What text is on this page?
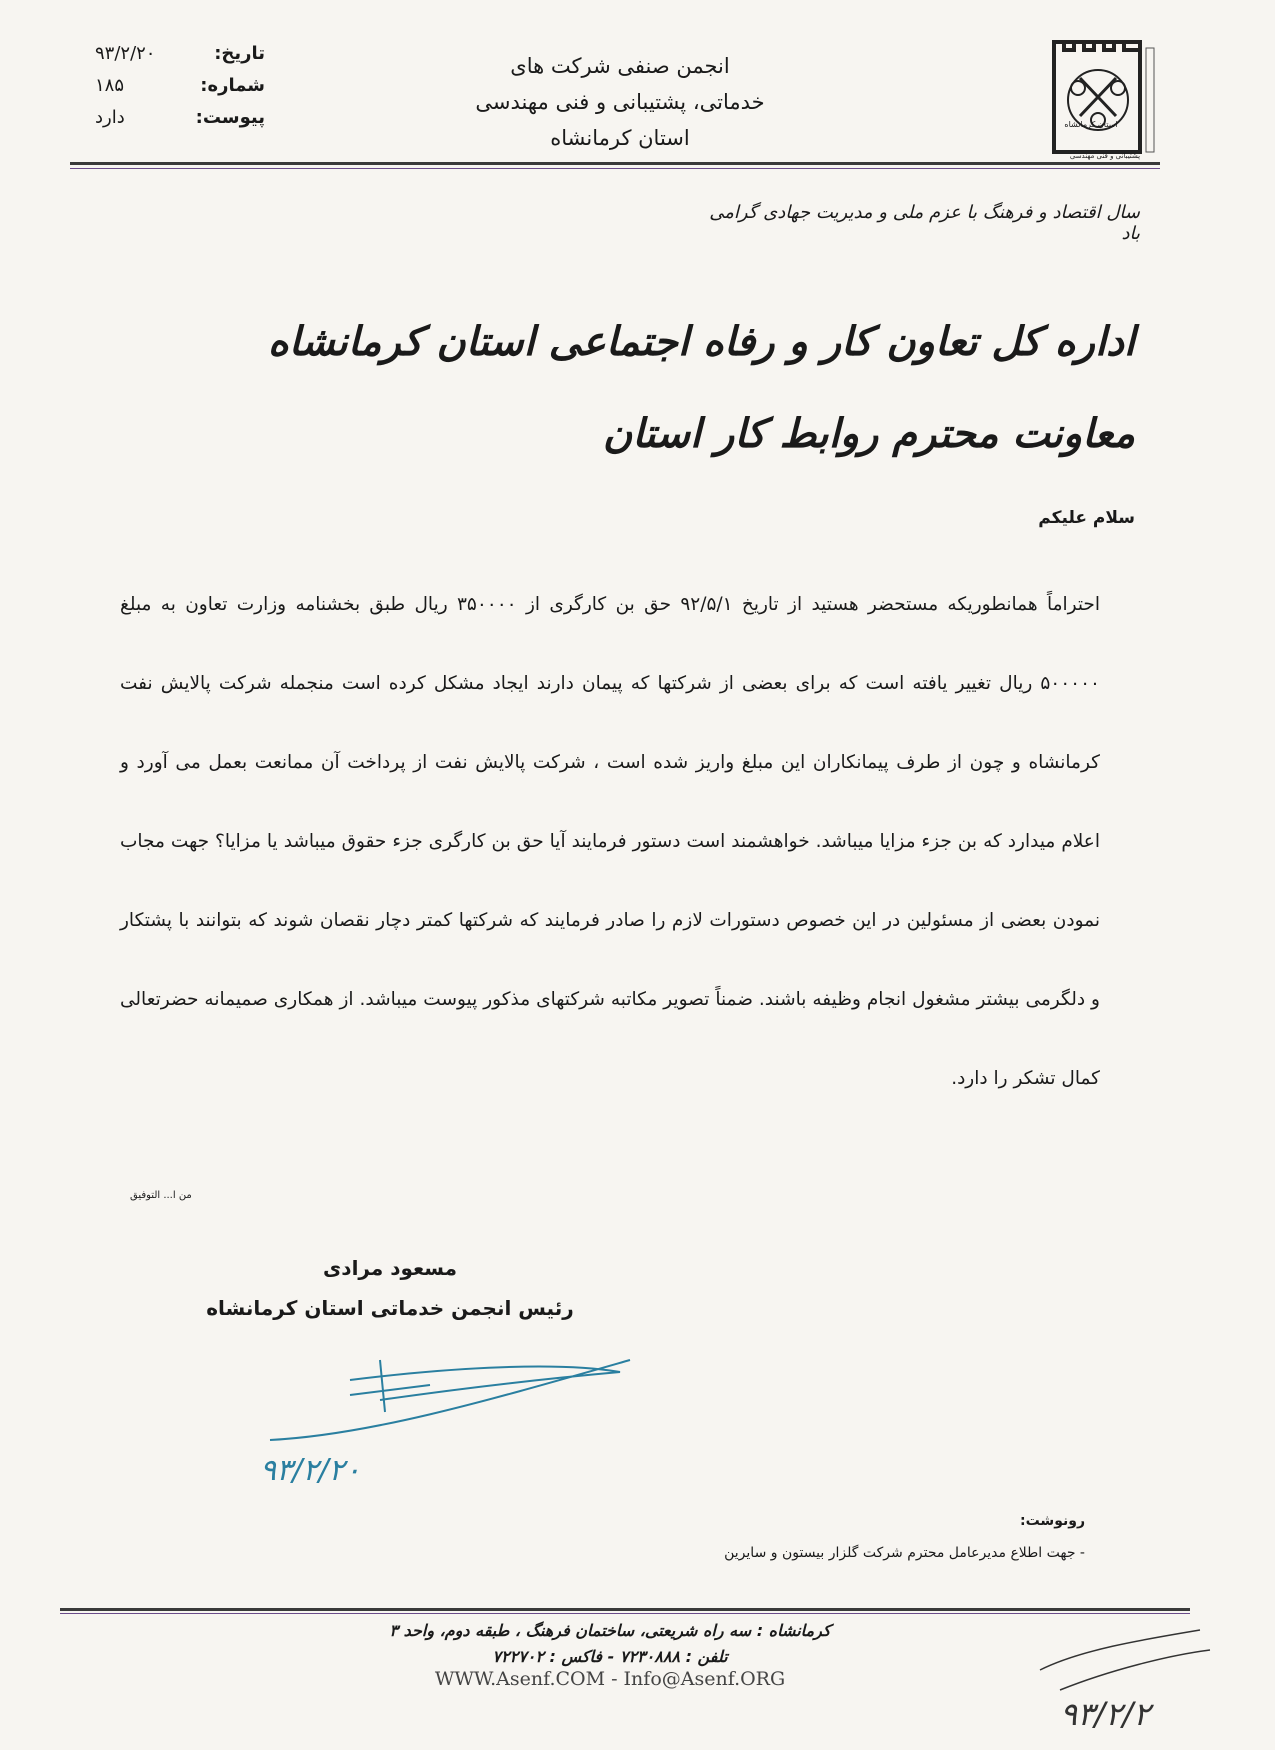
استان کرمانشاه
پشتیبانی و فنی مهندسی
انجمن صنفی شرکت های
خدماتی، پشتیبانی و فنی مهندسی
استان کرمانشاه
تاریخ:
۹۳/۲/۲۰
شماره:
۱۸۵
پیوست:
دارد
سال اقتصاد و فرهنگ با عزم ملی و مدیریت جهادی گرامی باد
اداره کل تعاون کار و رفاه اجتماعی استان کرمانشاه
معاونت محترم روابط کار استان
سلام علیکم
احتراماً همانطوریکه مستحضر هستید از تاریخ ۹۲/۵/۱ حق بن کارگری از ۳۵۰۰۰۰ ریال طبق بخشنامه وزارت تعاون به مبلغ ۵۰۰۰۰۰ ریال تغییر یافته است که برای بعضی از شرکتها که پیمان دارند ایجاد مشکل کرده است منجمله شرکت پالایش نفت کرمانشاه و چون از طرف پیمانکاران این مبلغ واریز شده است ، شرکت پالایش نفت از پرداخت آن ممانعت بعمل می آورد و اعلام میدارد که بن جزء مزایا میباشد. خواهشمند است دستور فرمایند آیا حق بن کارگری جزء حقوق میباشد یا مزایا؟ جهت مجاب نمودن بعضی از مسئولین در این خصوص دستورات لازم را صادر فرمایند که شرکتها کمتر دچار نقصان شوند که بتوانند با پشتکار و دلگرمی بیشتر مشغول انجام وظیفه باشند. ضمناً تصویر مکاتبه شرکتهای مذکور پیوست میباشد. از همکاری صمیمانه حضرتعالی کمال تشکر را دارد.
من ا... التوفیق
مسعود مرادی
رئیس انجمن خدماتی استان کرمانشاه
۹۳/۲/۲۰
رونوشت:
- جهت اطلاع مدیرعامل محترم شرکت گلزار بیستون و سایرین
کرمانشاه : سه راه شریعتی، ساختمان فرهنگ ، طبقه دوم، واحد ۳
تلفن : ۷۲۳۰۸۸۸ - فاکس : ۷۲۲۷۰۲
WWW.Asenf.COM - Info@Asenf.ORG
۹۳/۲/۲
